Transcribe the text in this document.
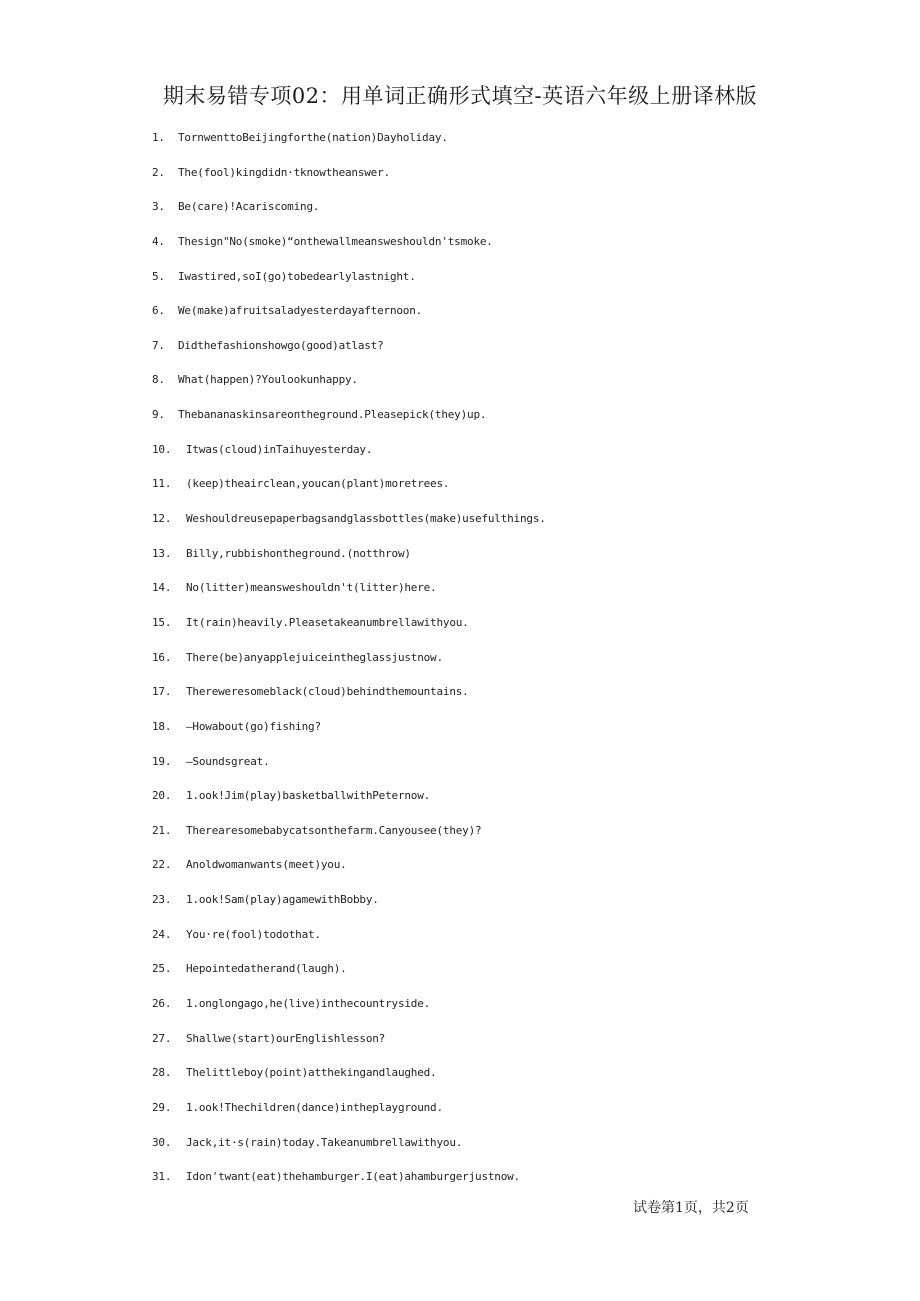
期末易错专项02：用单词正确形式填空-英语六年级上册译林版
1.	TornwenttoBeijingforthe(nation)Dayholiday.
2.	The(fool)kingdidn·tknowtheanswer.
3.	Be(care)!Acariscoming.
4.	Thesign"No(smoke)“onthewallmeansweshouldn'tsmoke.
5.	Iwastired,soI(go)tobedearlylastnight.
6.	We(make)afruitsaladyesterdayafternoon.
7.	Didthefashionshowgo(good)atlast?
8.	What(happen)?Youlookunhappy.
9.	Thebananaskinsareontheground.Pleasepick(they)up.
10.	Itwas(cloud)inTaihuyesterday.
11.	(keep)theairclean,youcan(plant)moretrees.
12.	Weshouldreusepaperbagsandglassbottles(make)usefulthings.
13.	Billy,rubbishontheground.(notthrow)
14.	No(litter)meansweshouldn't(litter)here.
15.	It(rain)heavily.Pleasetakeanumbrellawithyou.
16.	There(be)anyapplejuiceintheglassjustnow.
17.	Thereweresomeblack(cloud)behindthemountains.
18.	—Howabout(go)fishing?
19.	—Soundsgreat.
20.	1.ook!Jim(play)basketballwithPeternow.
21.	Therearesomebabycatsonthefarm.Canyousee(they)?
22.	Anoldwomanwants(meet)you.
23.	1.ook!Sam(play)agamewithBobby.
24.	You·re(fool)todothat.
25.	Hepointedatherand(laugh).
26.	1.onglongago,he(live)inthecountryside.
27.	Shallwe(start)ourEnglishlesson?
28.	Thelittleboy(point)atthekingandlaughed.
29.	1.ook!Thechildren(dance)intheplayground.
30.	Jack,it·s(rain)today.Takeanumbrellawithyou.
31.	Idon'twant(eat)thehamburger.I(eat)ahamburgerjustnow.
试卷第1页，共2页
